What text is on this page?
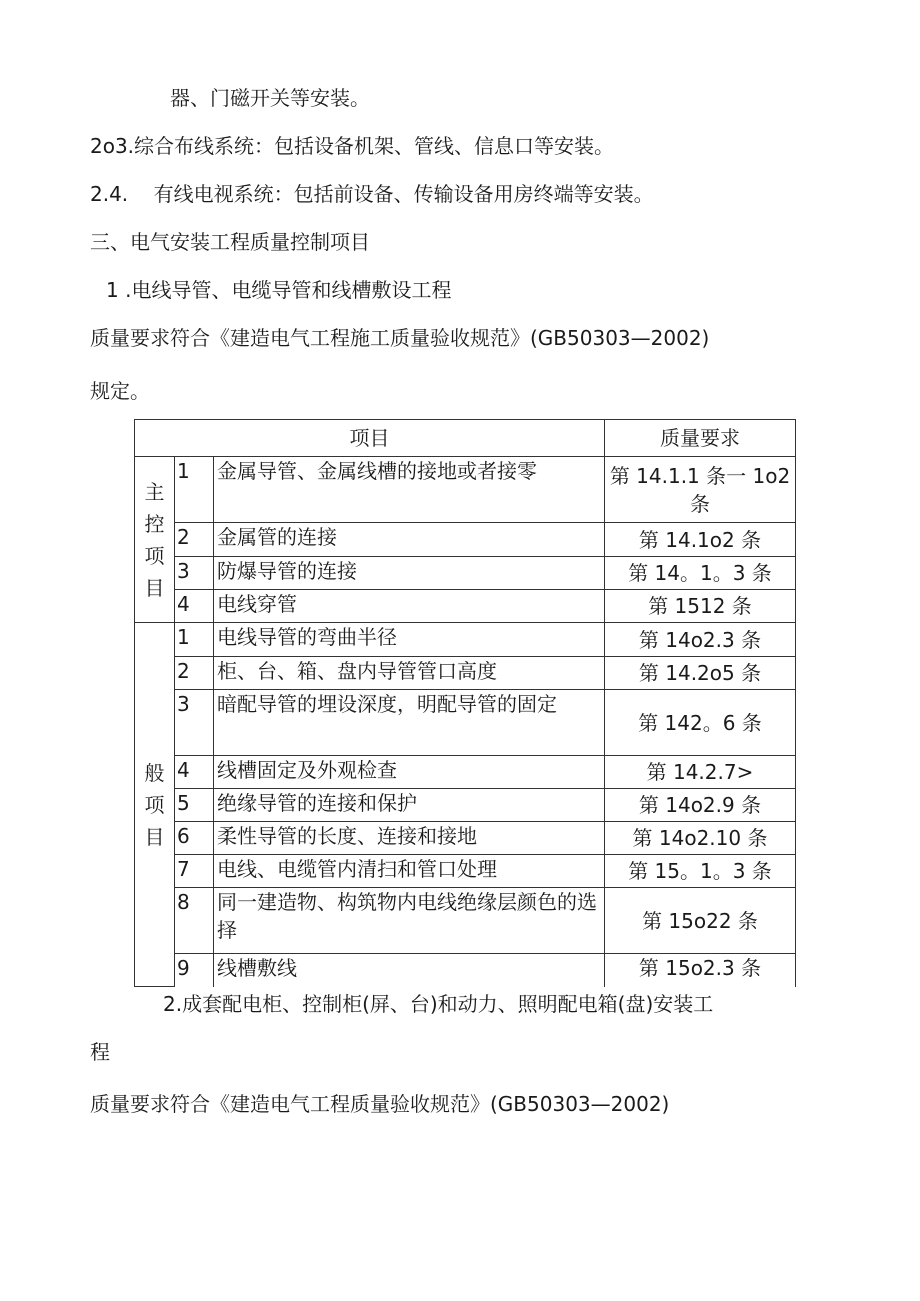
器、门磁开关等安装。
2o3.综合布线系统：包括设备机架、管线、信息口等安装。
2.4.    有线电视系统：包括前设备、传输设备用房终端等安装。
三、电气安装工程质量控制项目
1 .电线导管、电缆导管和线槽敷设工程
质量要求符合《建造电气工程施工质量验收规范》(GB50303—2002)
规定。
项目			质量要求
主控项目	1	金属导管、金属线槽的接地或者接零	第 14.1.1 条一 1o2 条
	2	金属管的连接	第 14.1o2 条
	3	防爆导管的连接	第 14。1。3 条
	4	电线穿管	第 1512 条
般项目	1	电线导管的弯曲半径	第 14o2.3 条
	2	柜、台、箱、盘内导管管口高度	第 14.2o5 条
	3	暗配导管的埋设深度，明配导管的固定	第 142。6 条
	4	线槽固定及外观检查	第 14.2.7>
	5	绝缘导管的连接和保护	第 14o2.9 条
	6	柔性导管的长度、连接和接地	第 14o2.10 条
	7	电线、电缆管内清扫和管口处理	第 15。1。3 条
	8	同一建造物、构筑物内电线绝缘层颜色的选择	第 15o22 条
	9	线槽敷线	第 15o2.3 条
2.成套配电柜、控制柜(屏、台)和动力、照明配电箱(盘)安装工
程
质量要求符合《建造电气工程质量验收规范》(GB50303—2002)
